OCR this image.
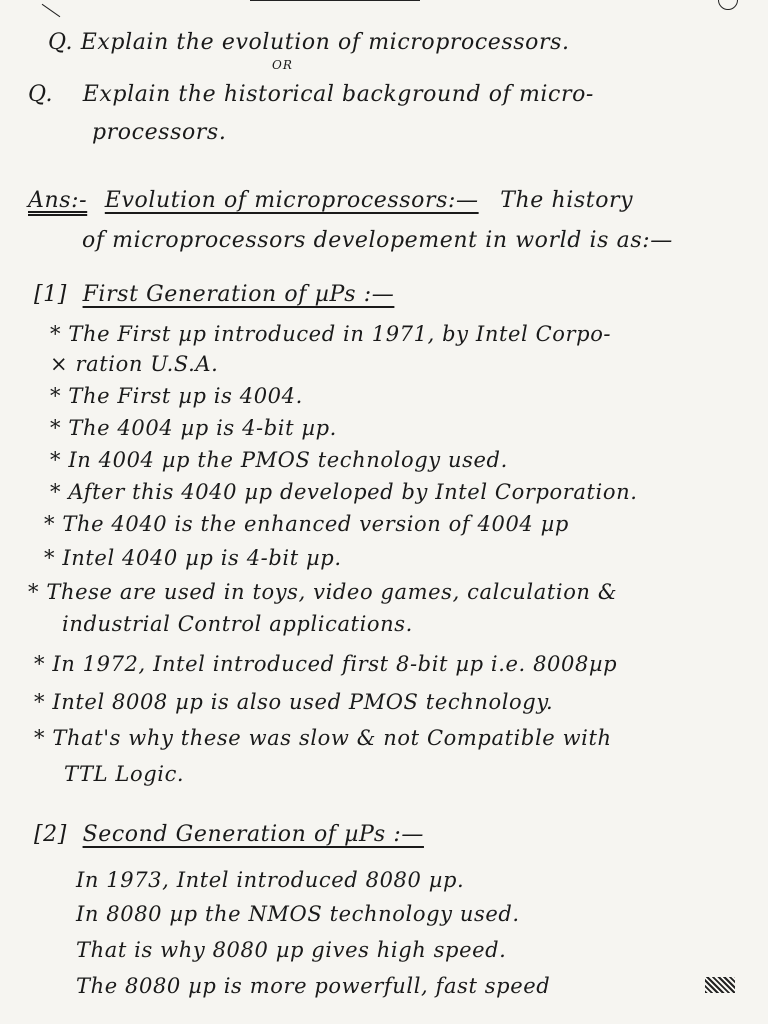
Q. Explain the evolution of microprocessors.
OR
Q. Explain the historical background of micro-
processors.
Ans:- Evolution of microprocessors:— The history
of microprocessors developement in world is as:—
[1] First Generation of µPs :—
* The First µp introduced in 1971, by Intel Corpo-
× ration U.S.A.
* The First µp is 4004.
* The 4004 µp is 4-bit µp.
* In 4004 µp the PMOS technology used.
* After this 4040 µp developed by Intel Corporation.
* The 4040 is the enhanced version of 4004 µp
* Intel 4040 µp is 4-bit µp.
* These are used in toys, video games, calculation &
industrial Control applications.
* In 1972, Intel introduced first 8-bit µp i.e. 8008µp
* Intel 8008 µp is also used PMOS technology.
* That's why these was slow & not Compatible with
TTL Logic.
[2] Second Generation of µPs :—
In 1973, Intel introduced 8080 µp.
In 8080 µp the NMOS technology used.
That is why 8080 µp gives high speed.
The 8080 µp is more powerfull, fast speed
